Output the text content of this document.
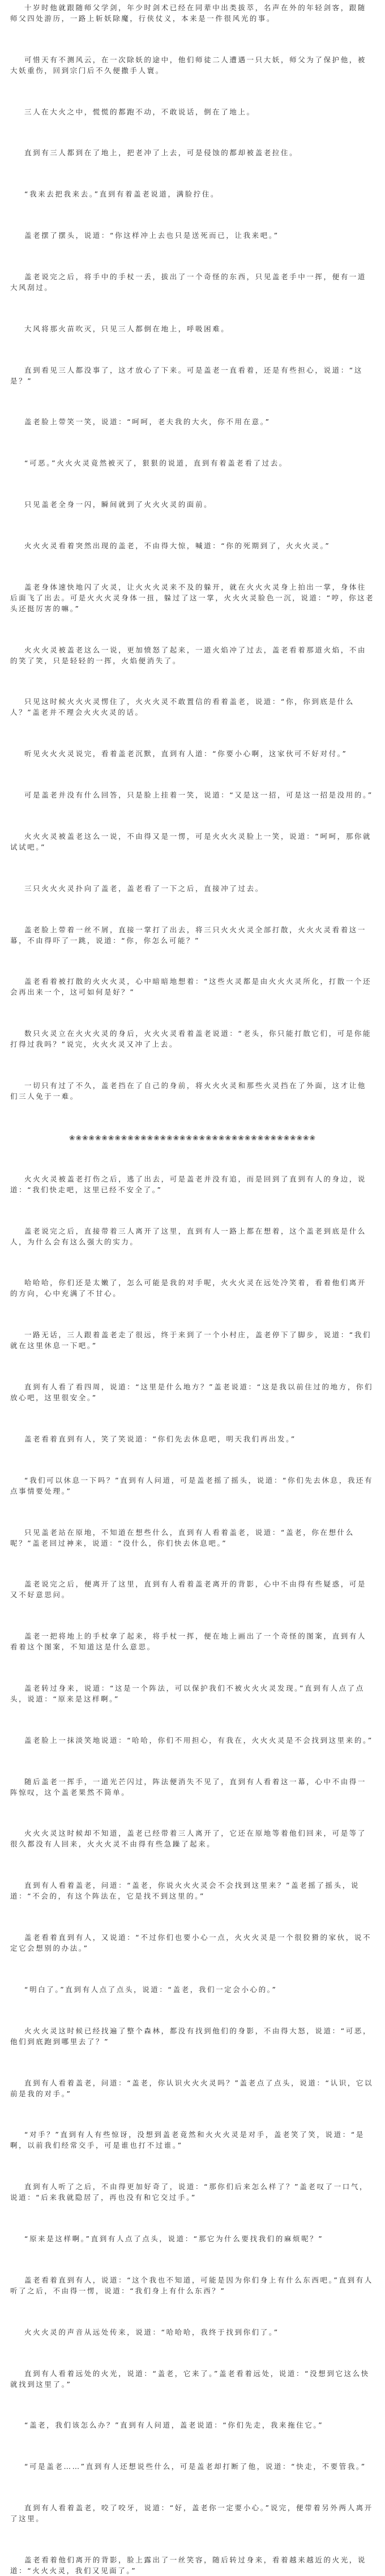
十岁时他就跟随师父学剑，年少时剑术已经在同辈中出类拔萃，名声在外的年轻剑客，跟随师父四处游历，一路上斩妖除魔，行侠仗义，本来是一件很风光的事。

可惜天有不测风云，在一次除妖的途中，他们师徒二人遭遇一只大妖，师父为了保护他，被大妖重伤，回到宗门后不久便撒手人寰。

三人在大火之中，慌慌的都跑不动，不敢说话，倒在了地上。

直到有三人都到在了地上，把老冲了上去，可是侵蚀的都却被盖老拉住。

“我来去把我来去。”直到有着盖老说道，满脸拧住。

盖老摆了摆头，说道：“你这样冲上去也只是送死而已，让我来吧。”

盖老说完之后，将手中的手杖一丢，拔出了一个奇怪的东西，只见盖老手中一挥，便有一道大风刮过。

大风将那火苗吹灭，只见三人都倒在地上，呼吸困难。

直到看见三人都没事了，这才放心了下来。可是盖老一直看着，还是有些担心，说道：“这是？”

盖老脸上带笑一笑，说道：“呵呵，老夫我的大火，你不用在意。”

“可恶。”火火火灵竟然被灭了，狠狠的说道，直到有着盖老看了过去。

只见盖老全身一闪，瞬间就到了火火火灵的面前。

火火火灵看着突然出现的盖老，不由得大惊，喊道：“你的死期到了，火火火灵。”

盖老身体速快地闪了火灵，让火火火灵来不及的躲开，就在火火火灵身上拍出一掌，身体往后面飞了出去。可是火火火灵身体一扭，躲过了这一掌，火火火灵脸色一沉，说道：“哼，你这老头还挺厉害的嘛。”

火火火灵被盖老这么一说，更加愤怒了起来，一道火焰冲了过去，盖老看着那道火焰，不由的笑了笑，只是轻轻的一挥，火焰便消失了。

只见这时候火火火灵愣住了，火火火灵不敢置信的看着盖老，说道：“你，你到底是什么人？”盖老并不理会火火火灵的话。

听见火火火灵说完，看着盖老沉默，直到有人道：“你要小心啊，这家伙可不好对付。”

可是盖老并没有什么回答，只是脸上挂着一笑，说道：“又是这一招，可是这一招是没用的。”

火火火灵被盖老这么一说，不由得又是一愣，可是火火火灵脸上一笑，说道：“呵呵，那你就试试吧。”

三只火火火灵扑向了盖老，盖老看了一下之后，直接冲了过去。

盖老脸上带着一丝不屑，直接一掌打了出去，将三只火火火灵全部打散，火火火灵看着这一幕，不由得吓了一跳，说道：“你，你怎么可能？”

盖老看着被打散的火火火灵，心中暗暗地想着：“这些火灵都是由火火火灵所化，打散一个还会再出来一个，这可如何是好？”

数只火灵立在火火火灵的身后，火火火灵看着盖老说道：“老头，你只能打散它们，可是你能打得过我吗？”说完，火火火灵又冲了上去。

一切只有过了不久，盖老挡在了自己的身前，将火火火灵和那些火灵挡在了外面，这才让他们三人免于一难。

❀❀❀❀❀❀❀❀❀❀❀❀❀❀❀❀❀❀❀❀❀❀❀❀❀❀❀❀❀❀❀❀❀❀❀❀❀❀

火火火灵被盖老打伤之后，逃了出去，可是盖老并没有追，而是回到了直到有人的身边，说道：“我们快走吧，这里已经不安全了。”

盖老说完之后，直接带着三人离开了这里，直到有人一路上都在想着，这个盖老到底是什么人，为什么会有这么强大的实力。

哈哈哈，你们还是太嫩了，怎么可能是我的对手呢，火火火灵在远处冷笑着，看着他们离开的方向，心中充满了不甘心。

一路无话，三人跟着盖老走了很远，终于来到了一个小村庄，盖老停下了脚步，说道：“我们就在这里休息一下吧。”

直到有人看了看四周，说道：“这里是什么地方？”盖老说道：“这是我以前住过的地方，你们放心吧，这里很安全。”

盖老看着直到有人，笑了笑说道：“你们先去休息吧，明天我们再出发。”

“我们可以休息一下吗？”直到有人问道，可是盖老摇了摇头，说道：“你们先去休息，我还有点事情要处理。”

只见盖老站在原地，不知道在想些什么，直到有人看着盖老，说道：“盖老，你在想什么呢？”盖老回过神来，说道：“没什么，你们快去休息吧。”

盖老说完之后，便离开了这里，直到有人看着盖老离开的背影，心中不由得有些疑惑，可是又不好意思问。

盖老一把将地上的手杖拿了起来，将手杖一挥，便在地上画出了一个奇怪的图案，直到有人看着这个图案，不知道这是什么意思。

盖老转过身来，说道：“这是一个阵法，可以保护我们不被火火火灵发现。”直到有人点了点头，说道：“原来是这样啊。”

盖老脸上一抹淡笑地说道：“哈哈，你们不用担心，有我在，火火火灵是不会找到这里来的。”

随后盖老一挥手，一道光芒闪过，阵法便消失不见了，直到有人看着这一幕，心中不由得一阵惊叹，这个盖老果然不简单。

火火火灵这时候却不知道，盖老已经带着三人离开了，它还在原地等着他们回来，可是等了很久都没有人回来，火火火灵不由得有些急躁了起来。

直到有人看着盖老，问道：“盖老，你说火火火灵会不会找到这里来？”盖老摇了摇头，说道：“不会的，有这个阵法在，它是找不到这里的。”

盖老看着直到有人，又说道：“不过你们也要小心一点，火火火灵是一个很狡猾的家伙，说不定它会想别的办法。”

“明白了。”直到有人点了点头，说道：“盖老，我们一定会小心的。”

火火火灵这时候已经找遍了整个森林，都没有找到他们的身影，不由得大怒，说道：“可恶，他们到底跑到哪里去了？”

直到有人看着盖老，问道：“盖老，你认识火火火灵吗？”盖老点了点头，说道：“认识，它以前是我的对手。”

“对手？”直到有人有些惊讶，没想到盖老竟然和火火火灵是对手，盖老笑了笑，说道：“是啊，以前我们经常交手，可是谁也打不过谁。”

直到有人听了之后，不由得更加好奇了，说道：“那你们后来怎么样了？”盖老叹了一口气，说道：“后来我就隐居了，再也没有和它交过手。”

“原来是这样啊。”直到有人点了点头，说道：“那它为什么要找我们的麻烦呢？”

盖老看着直到有人，说道：“这个我也不知道，可能是因为你们身上有什么东西吧。”直到有人听了之后，不由得一愣，说道：“我们身上有什么东西？”

火火火灵的声音从远处传来，说道：“哈哈哈，我终于找到你们了。”

直到有人看着远处的火光，说道：“盖老，它来了。”盖老看着远处，说道：“没想到它这么快就找到这里了。”

“盖老，我们该怎么办？”直到有人问道，盖老说道：“你们先走，我来拖住它。”

“可是盖老……”直到有人还想说些什么，可是盖老却打断了他，说道：“快走，不要管我。”

直到有人看着盖老，咬了咬牙，说道：“好，盖老你一定要小心。”说完，便带着另外两人离开了这里。

盖老看着他们离开的背影，脸上露出了一丝笑容，随后转过身来，看着越来越近的火光，说道：“火火火灵，我们又见面了。”
